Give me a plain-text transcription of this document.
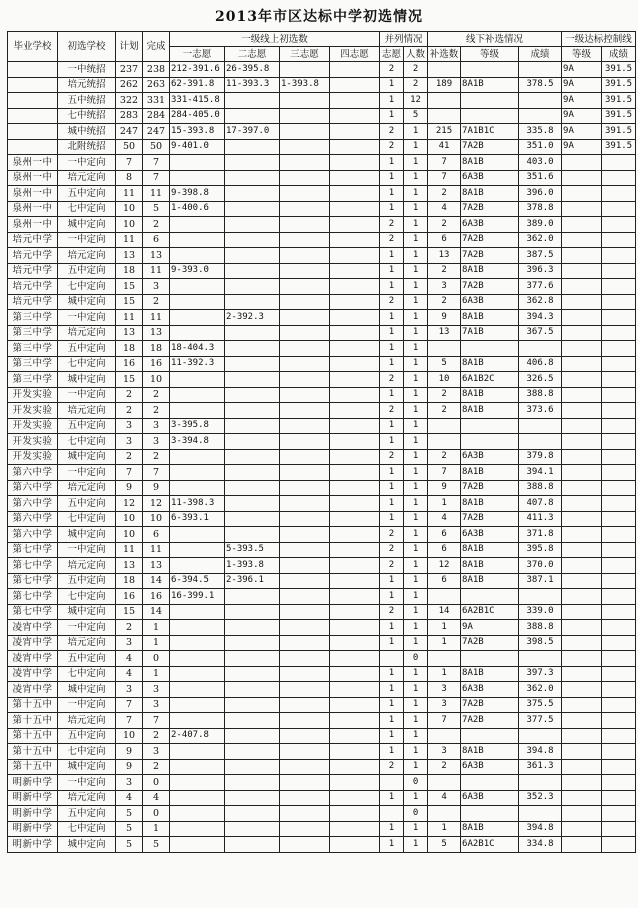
2013年市区达标中学初选情况
毕业学校	初选学校	计划	完成	一级线上初选数				并列情况		线下补选情况			一级达标控制线	
				一志愿	二志愿	三志愿	四志愿	志愿	人数	补选数	等级	成绩	等级	成绩
	一中统招	237	238	212-391.6	26-395.8			2	2				9A	391.5
	培元统招	262	263	62-391.8	11-393.3	1-393.8		1	2	189	8A1B	378.5	9A	391.5
	五中统招	322	331	331-415.8				1	12				9A	391.5
	七中统招	283	284	284-405.0				1	5				9A	391.5
	城中统招	247	247	15-393.8	17-397.0			2	1	215	7A1B1C	335.8	9A	391.5
	北附统招	50	50	9-401.0				2	1	41	7A2B	351.0	9A	391.5
泉州一中	一中定向	7	7					1	1	7	8A1B	403.0		
泉州一中	培元定向	8	7					1	1	7	6A3B	351.6		
泉州一中	五中定向	11	11	9-398.8				1	1	2	8A1B	396.0		
泉州一中	七中定向	10	5	1-400.6				1	1	4	7A2B	378.8		
泉州一中	城中定向	10	2					2	1	2	6A3B	389.0		
培元中学	一中定向	11	6					2	1	6	7A2B	362.0		
培元中学	培元定向	13	13					1	1	13	7A2B	387.5		
培元中学	五中定向	18	11	9-393.0				1	1	2	8A1B	396.3		
培元中学	七中定向	15	3					1	1	3	7A2B	377.6		
培元中学	城中定向	15	2					2	1	2	6A3B	362.8		
第三中学	一中定向	11	11		2-392.3			1	1	9	8A1B	394.3		
第三中学	培元定向	13	13					1	1	13	7A1B	367.5		
第三中学	五中定向	18	18	18-404.3				1	1					
第三中学	七中定向	16	16	11-392.3				1	1	5	8A1B	406.8		
第三中学	城中定向	15	10					2	1	10	6A1B2C	326.5		
开发实验	一中定向	2	2					1	1	2	8A1B	388.8		
开发实验	培元定向	2	2					2	1	2	8A1B	373.6		
开发实验	五中定向	3	3	3-395.8				1	1					
开发实验	七中定向	3	3	3-394.8				1	1					
开发实验	城中定向	2	2					2	1	2	6A3B	379.8		
第六中学	一中定向	7	7					1	1	7	8A1B	394.1		
第六中学	培元定向	9	9					1	1	9	7A2B	388.8		
第六中学	五中定向	12	12	11-398.3				1	1	1	8A1B	407.8		
第六中学	七中定向	10	10	6-393.1				1	1	4	7A2B	411.3		
第六中学	城中定向	10	6					2	1	6	6A3B	371.8		
第七中学	一中定向	11	11		5-393.5			2	1	6	8A1B	395.8		
第七中学	培元定向	13	13		1-393.8			2	1	12	8A1B	370.0		
第七中学	五中定向	18	14	6-394.5	2-396.1			1	1	6	8A1B	387.1		
第七中学	七中定向	16	16	16-399.1				1	1					
第七中学	城中定向	15	14					2	1	14	6A2B1C	339.0		
凌宵中学	一中定向	2	1					1	1	1	9A	388.8		
凌宵中学	培元定向	3	1					1	1	1	7A2B	398.5		
凌宵中学	五中定向	4	0						0					
凌宵中学	七中定向	4	1					1	1	1	8A1B	397.3		
凌宵中学	城中定向	3	3					1	1	3	6A3B	362.0		
第十五中	一中定向	7	3					1	1	3	7A2B	375.5		
第十五中	培元定向	7	7					1	1	7	7A2B	377.5		
第十五中	五中定向	10	2	2-407.8				1	1					
第十五中	七中定向	9	3					1	1	3	8A1B	394.8		
第十五中	城中定向	9	2					2	1	2	6A3B	361.3		
明新中学	一中定向	3	0						0					
明新中学	培元定向	4	4					1	1	4	6A3B	352.3		
明新中学	五中定向	5	0						0					
明新中学	七中定向	5	1					1	1	1	8A1B	394.8		
明新中学	城中定向	5	5					1	1	5	6A2B1C	334.8		
